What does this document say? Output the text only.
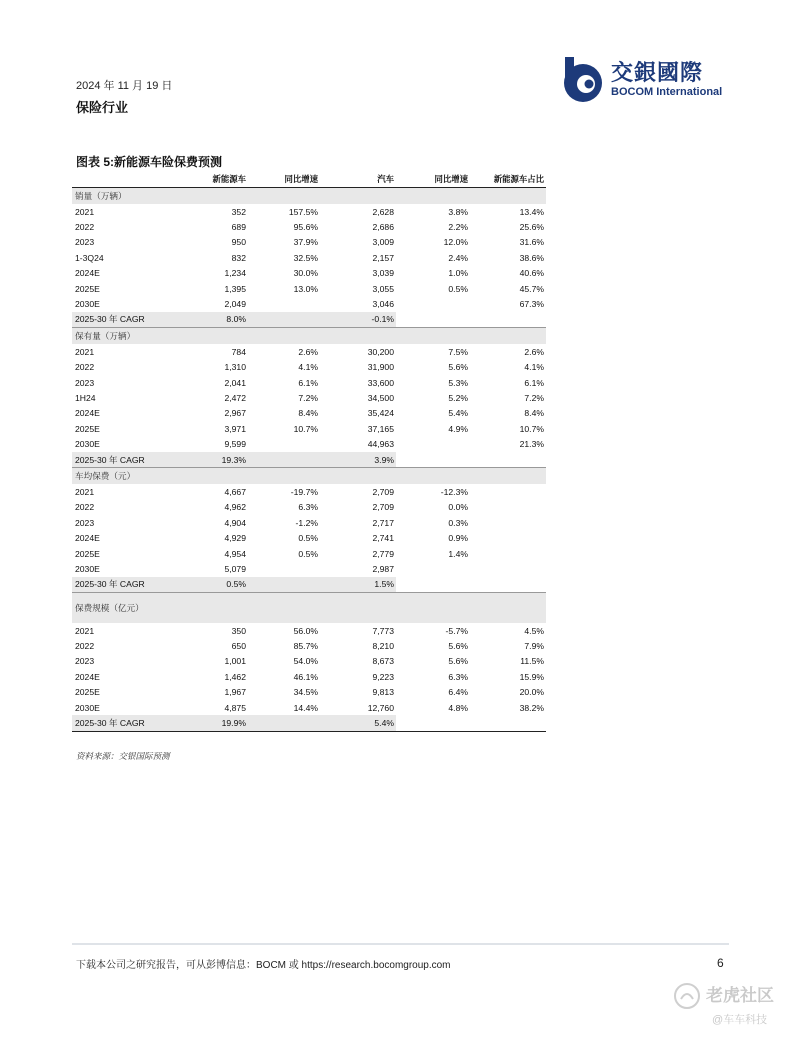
2024 年 11 月 19 日
保险行业
交銀國際
BOCOM International
图表 5:新能源车险保费预测
	新能源车	同比增速	汽车	同比增速	新能源车占比
销量（万辆）					
2021	352	157.5%	2,628	3.8%	13.4%
2022	689	95.6%	2,686	2.2%	25.6%
2023	950	37.9%	3,009	12.0%	31.6%
1-3Q24	832	32.5%	2,157	2.4%	38.6%
2024E	1,234	30.0%	3,039	1.0%	40.6%
2025E	1,395	13.0%	3,055	0.5%	45.7%
2030E	2,049		3,046		67.3%
2025-30 年 CAGR	8.0%		-0.1%		
保有量（万辆）					
2021	784	2.6%	30,200	7.5%	2.6%
2022	1,310	4.1%	31,900	5.6%	4.1%
2023	2,041	6.1%	33,600	5.3%	6.1%
1H24	2,472	7.2%	34,500	5.2%	7.2%
2024E	2,967	8.4%	35,424	5.4%	8.4%
2025E	3,971	10.7%	37,165	4.9%	10.7%
2030E	9,599		44,963		21.3%
2025-30 年 CAGR	19.3%		3.9%		
车均保费（元）					
2021	4,667	-19.7%	2,709	-12.3%	
2022	4,962	6.3%	2,709	0.0%	
2023	4,904	-1.2%	2,717	0.3%	
2024E	4,929	0.5%	2,741	0.9%	
2025E	4,954	0.5%	2,779	1.4%	
2030E	5,079		2,987		
2025-30 年 CAGR	0.5%		1.5%		
保费规模（亿元）					
2021	350	56.0%	7,773	-5.7%	4.5%
2022	650	85.7%	8,210	5.6%	7.9%
2023	1,001	54.0%	8,673	5.6%	11.5%
2024E	1,462	46.1%	9,223	6.3%	15.9%
2025E	1,967	34.5%	9,813	6.4%	20.0%
2030E	4,875	14.4%	12,760	4.8%	38.2%
2025-30 年 CAGR	19.9%		5.4%		
资料来源：交银国际预测
下载本公司之研究报告，可从彭博信息：BOCM 或 https://research.bocomgroup.com	6
老虎社区
@车车科技
